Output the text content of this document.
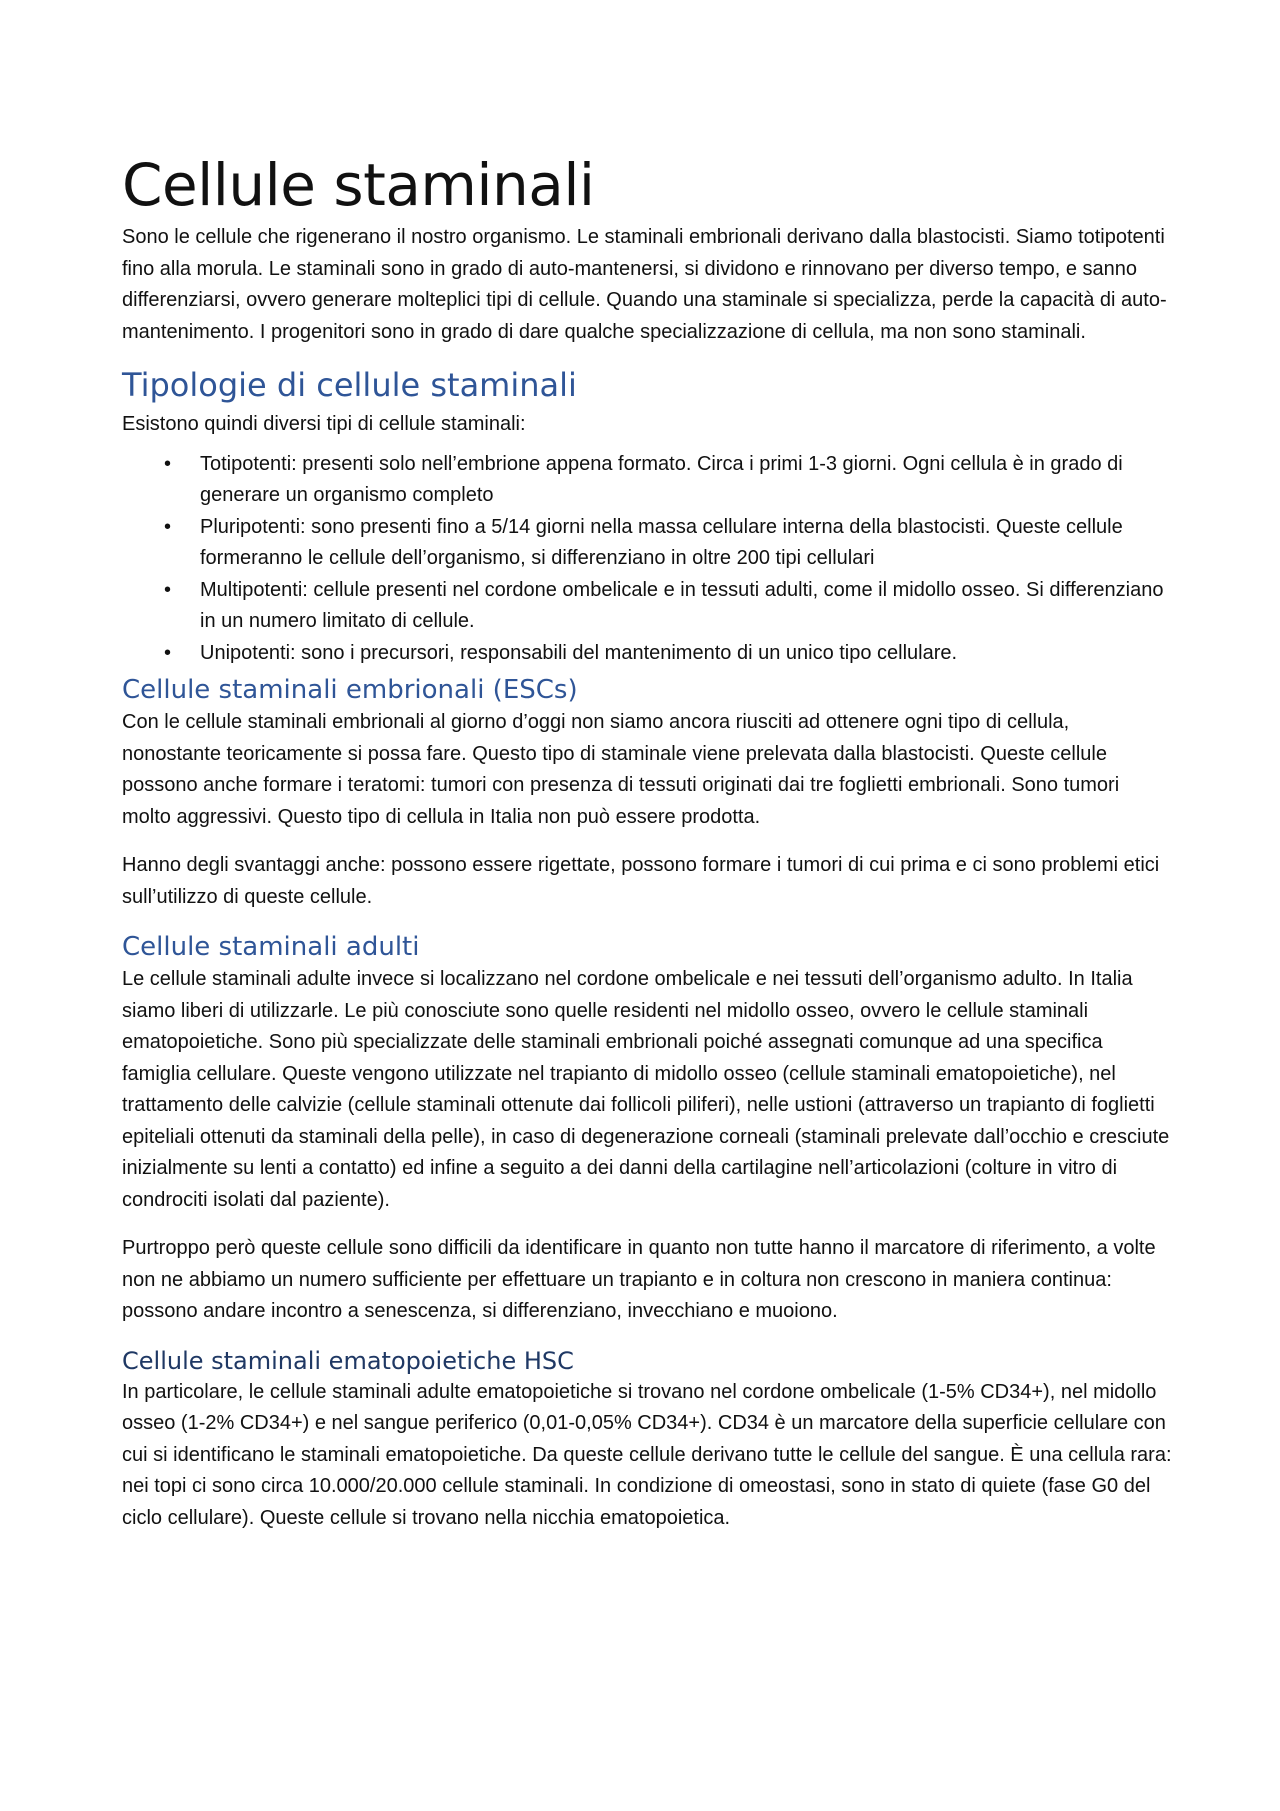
Cellule staminali

Sono le cellule che rigenerano il nostro organismo. Le staminali embrionali derivano dalla blastocisti. Siamo totipotenti fino alla morula. Le staminali sono in grado di auto-mantenersi, si dividono e rinnovano per diverso tempo, e sanno differenziarsi, ovvero generare molteplici tipi di cellule. Quando una staminale si specializza, perde la capacità di auto-mantenimento. I progenitori sono in grado di dare qualche specializzazione di cellula, ma non sono staminali.

Tipologie di cellule staminali

Esistono quindi diversi tipi di cellule staminali:

• Totipotenti: presenti solo nell’embrione appena formato. Circa i primi 1-3 giorni. Ogni cellula è in grado di generare un organismo completo
• Pluripotenti: sono presenti fino a 5/14 giorni nella massa cellulare interna della blastocisti. Queste cellule formeranno le cellule dell’organismo, si differenziano in oltre 200 tipi cellulari
• Multipotenti: cellule presenti nel cordone ombelicale e in tessuti adulti, come il midollo osseo. Si differenziano in un numero limitato di cellule.
• Unipotenti: sono i precursori, responsabili del mantenimento di un unico tipo cellulare.
Cellule staminali embrionali (ESCs)

Con le cellule staminali embrionali al giorno d’oggi non siamo ancora riusciti ad ottenere ogni tipo di cellula, nonostante teoricamente si possa fare. Questo tipo di staminale viene prelevata dalla blastocisti. Queste cellule possono anche formare i teratomi: tumori con presenza di tessuti originati dai tre foglietti embrionali. Sono tumori molto aggressivi. Questo tipo di cellula in Italia non può essere prodotta.

Hanno degli svantaggi anche: possono essere rigettate, possono formare i tumori di cui prima e ci sono problemi etici sull’utilizzo di queste cellule.

Cellule staminali adulti

Le cellule staminali adulte invece si localizzano nel cordone ombelicale e nei tessuti dell’organismo adulto. In Italia siamo liberi di utilizzarle. Le più conosciute sono quelle residenti nel midollo osseo, ovvero le cellule staminali ematopoietiche. Sono più specializzate delle staminali embrionali poiché assegnati comunque ad una specifica famiglia cellulare. Queste vengono utilizzate nel trapianto di midollo osseo (cellule staminali ematopoietiche), nel trattamento delle calvizie (cellule staminali ottenute dai follicoli piliferi), nelle ustioni (attraverso un trapianto di foglietti epiteliali ottenuti da staminali della pelle), in caso di degenerazione corneali (staminali prelevate dall’occhio e cresciute inizialmente su lenti a contatto) ed infine a seguito a dei danni della cartilagine nell’articolazioni (colture in vitro di condrociti isolati dal paziente).

Purtroppo però queste cellule sono difficili da identificare in quanto non tutte hanno il marcatore di riferimento, a volte non ne abbiamo un numero sufficiente per effettuare un trapianto e in coltura non crescono in maniera continua: possono andare incontro a senescenza, si differenziano, invecchiano e muoiono.

Cellule staminali ematopoietiche HSC

In particolare, le cellule staminali adulte ematopoietiche si trovano nel cordone ombelicale (1-5% CD34+), nel midollo osseo (1-2% CD34+) e nel sangue periferico (0,01-0,05% CD34+). CD34 è un marcatore della superficie cellulare con cui si identificano le staminali ematopoietiche. Da queste cellule derivano tutte le cellule del sangue. È una cellula rara: nei topi ci sono circa 10.000/20.000 cellule staminali. In condizione di omeostasi, sono in stato di quiete (fase G0 del ciclo cellulare). Queste cellule si trovano nella nicchia ematopoietica.
